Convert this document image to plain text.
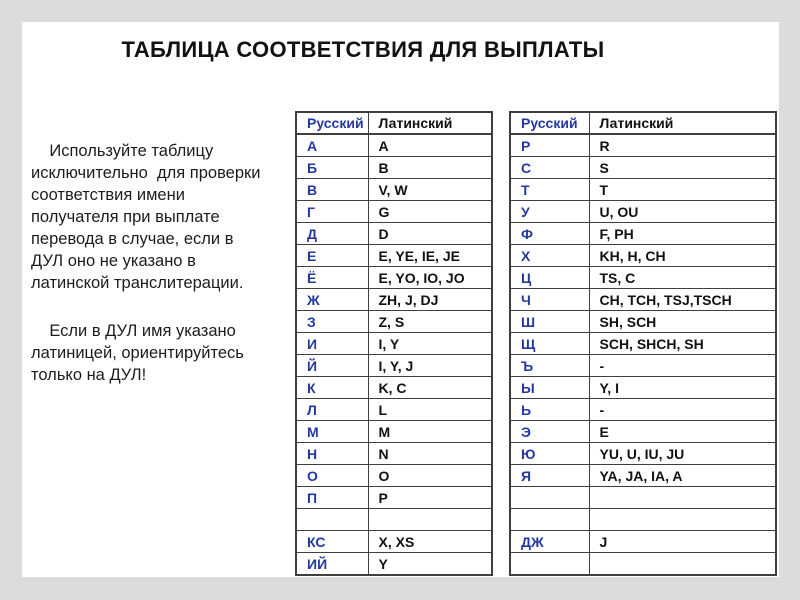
ТАБЛИЦА СООТВЕТСТВИЯ ДЛЯ ВЫПЛАТЫ
Используйте таблицу
исключительно  для проверки
соответствия имени
получателя при выплате
перевода в случае, если в
ДУЛ оно не указано в
латинской транслитерации.
Если в ДУЛ имя указано
латиницей, ориентируйтесь
только на ДУЛ!
Русский	Латинский
А	A
Б	B
В	V, W
Г	G
Д	D
Е	E, YE, IE, JE
Ё	E, YO, IO, JO
Ж	ZH, J, DJ
З	Z, S
И	I, Y
Й	I, Y, J
К	K, C
Л	L
М	M
Н	N
О	O
П	P

КС	X, XS
ИЙ	Y
Русский	Латинский
Р	R
С	S
Т	T
У	U, OU
Ф	F, PH
Х	KH, H, CH
Ц	TS, C
Ч	CH, TCH, TSJ,TSCH
Ш	SH, SCH
Щ	SCH, SHCH, SH
Ъ	-
Ы	Y, I
Ь	-
Э	E
Ю	YU, U, IU, JU
Я	YA, JA, IA, A

ДЖ	J
